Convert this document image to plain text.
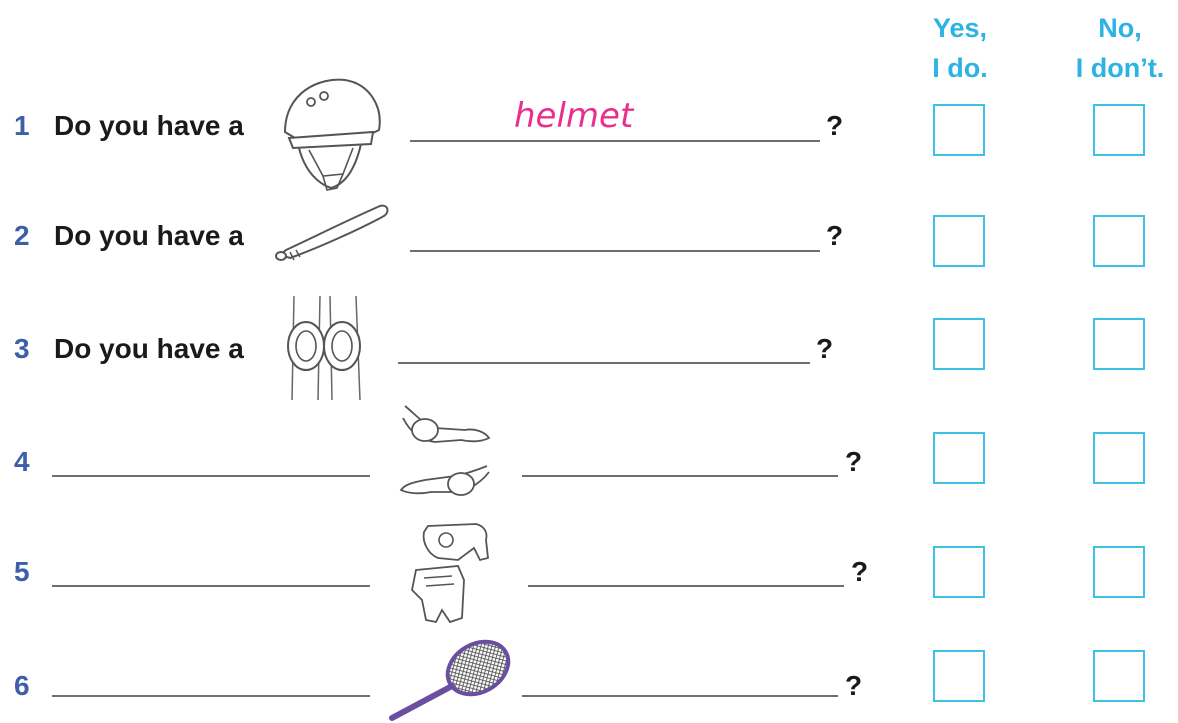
Yes,
I do.
No,
I don’t.
1 Do you have a	helmet	?
2 Do you have a	?
3 Do you have a	?
4	?
5	?
6	?
